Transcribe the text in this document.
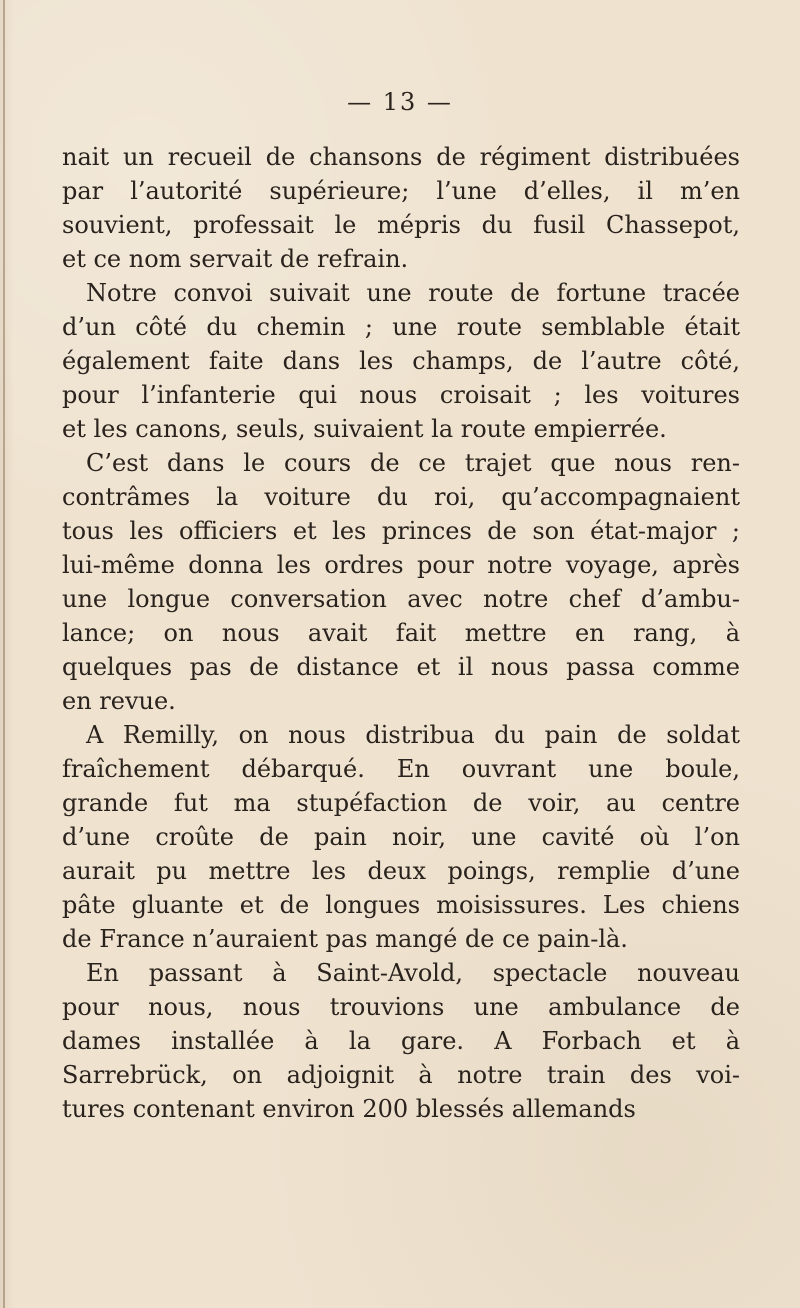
— 13 —
nait un recueil de chansons de régiment distribuées
par l’autorité supérieure; l’une d’elles, il m’en
souvient, professait le mépris du fusil Chassepot,
et ce nom servait de refrain.
Notre convoi suivait une route de fortune tracée
d’un côté du chemin ; une route semblable était
également faite dans les champs, de l’autre côté,
pour l’infanterie qui nous croisait ; les voitures
et les canons, seuls, suivaient la route empierrée.
C’est dans le cours de ce trajet que nous ren-
contrâmes la voiture du roi, qu’accompagnaient
tous les officiers et les princes de son état-major ;
lui-même donna les ordres pour notre voyage, après
une longue conversation avec notre chef d’ambu-
lance; on nous avait fait mettre en rang, à
quelques pas de distance et il nous passa comme
en revue.
A Remilly, on nous distribua du pain de soldat
fraîchement débarqué. En ouvrant une boule,
grande fut ma stupéfaction de voir, au centre
d’une croûte de pain noir, une cavité où l’on
aurait pu mettre les deux poings, remplie d’une
pâte gluante et de longues moisissures. Les chiens
de France n’auraient pas mangé de ce pain-là.
En passant à Saint-Avold, spectacle nouveau
pour nous, nous trouvions une ambulance de
dames installée à la gare. A Forbach et à
Sarrebrück, on adjoignit à notre train des voi-
tures contenant environ 200 blessés allemands
